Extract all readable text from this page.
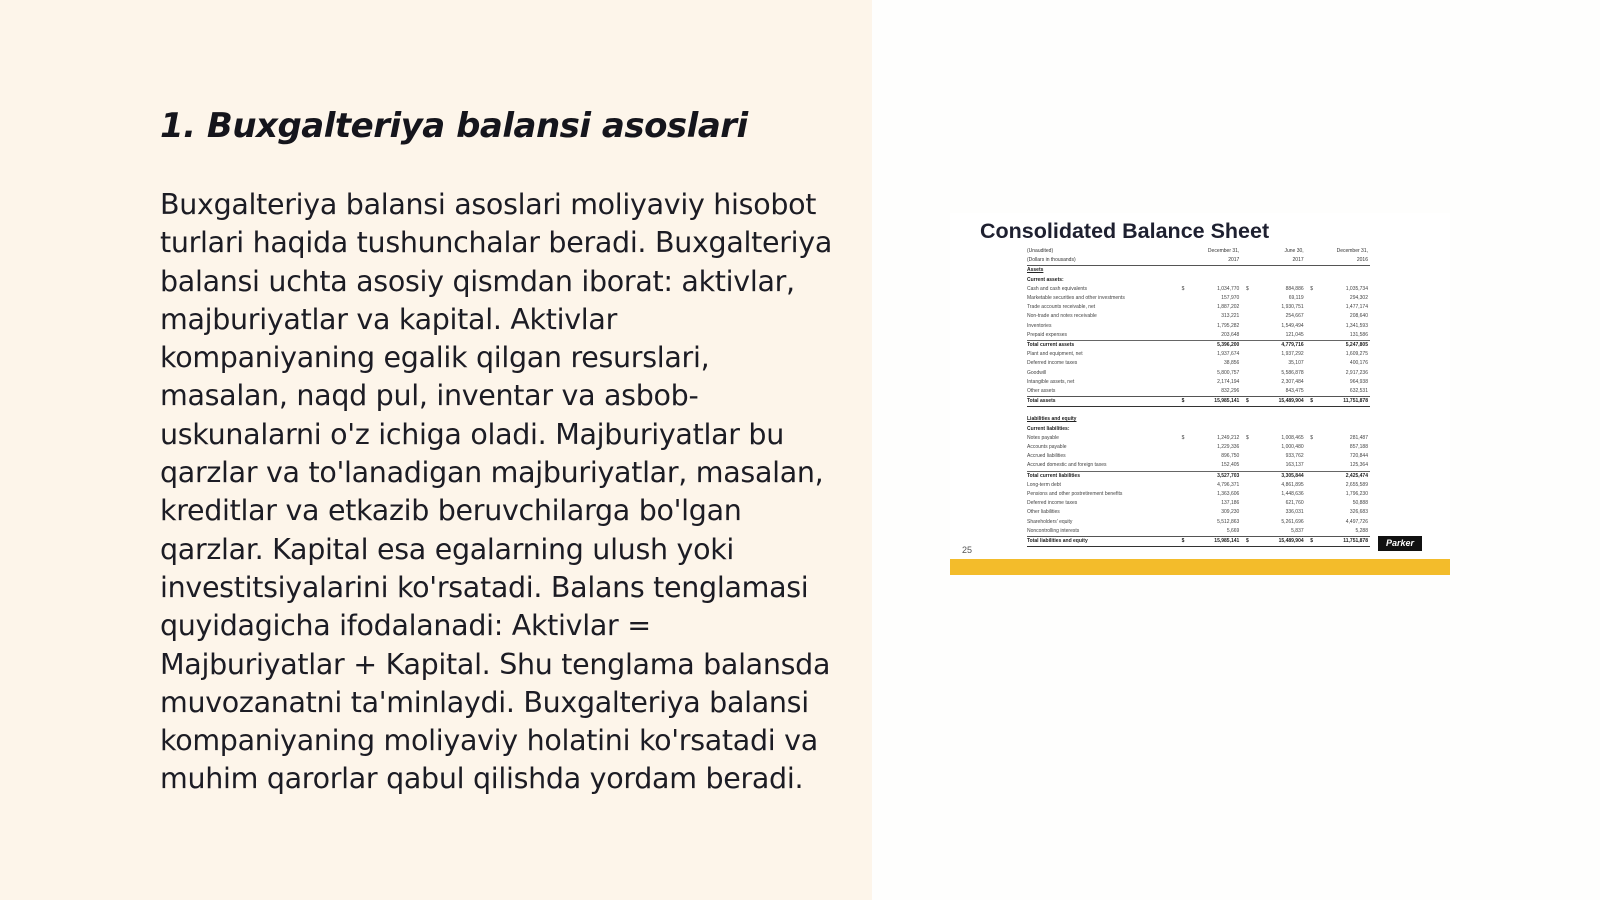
1. Buxgalteriya balansi asoslari

Buxgalteriya balansi asoslari moliyaviy hisobot turlari haqida tushunchalar beradi. Buxgalteriya balansi uchta asosiy qismdan iborat: aktivlar, majburiyatlar va kapital. Aktivlar kompaniyaning egalik qilgan resurslari, masalan, naqd pul, inventar va asbob-uskunalarni o'z ichiga oladi. Majburiyatlar bu qarzlar va to'lanadigan majburiyatlar, masalan, kreditlar va etkazib beruvchilarga bo'lgan qarzlar. Kapital esa egalarning ulush yoki investitsiyalarini ko'rsatadi. Balans tenglamasi quyidagicha ifodalanadi: Aktivlar = Majburiyatlar + Kapital. Shu tenglama balansda muvozanatni ta'minlaydi. Buxgalteriya balansi kompaniyaning moliyaviy holatini ko'rsatadi va muhim qarorlar qabul qilishda yordam beradi.

Consolidated Balance Sheet
(Unaudited)		December 31,		June 30,		December 31,
(Dollars in thousands)		2017		2017		2016
Assets						
Current assets:						
Cash and cash equivalents	$	1,034,770	$	884,886	$	1,035,734
Marketable securities and other investments		157,970		69,119		294,302
Trade accounts receivable, net		1,887,202		1,930,751		1,477,174
Non-trade and notes receivable		313,221		254,667		208,640
Inventories		1,795,282		1,549,494		1,341,593
Prepaid expenses		203,648		121,045		131,586
Total current assets		5,396,200		4,779,716		5,247,805
Plant and equipment, net		1,937,674		1,937,292		1,609,275
Deferred income taxes		38,856		35,107		400,176
Goodwill		5,800,757		5,586,878		2,917,236
Intangible assets, net		2,174,194		2,307,484		964,938
Other assets		832,296		843,475		632,531
Total assets	$	15,985,141	$	15,489,904	$	11,751,878

Liabilities and equity						
Current liabilities:						
Notes payable	$	1,249,212	$	1,008,465	$	281,487
Accounts payable		1,229,336		1,000,480		857,188
Accrued liabilities		896,750		933,762		720,844
Accrued domestic and foreign taxes		152,405		163,137		125,364
Total current liabilities		3,527,703		3,305,844		2,425,474
Long-term debt		4,796,371		4,861,895		2,655,589
Pensions and other postretirement benefits		1,363,606		1,448,636		1,796,230
Deferred income taxes		137,186		621,760		50,888
Other liabilities		309,230		336,031		326,683
Shareholders' equity		5,512,863		5,261,696		4,497,726
Noncontrolling interests		5,669		5,837		5,288
Total liabilities and equity	$	15,985,141	$	15,489,904	$	11,751,878
25
Parker
